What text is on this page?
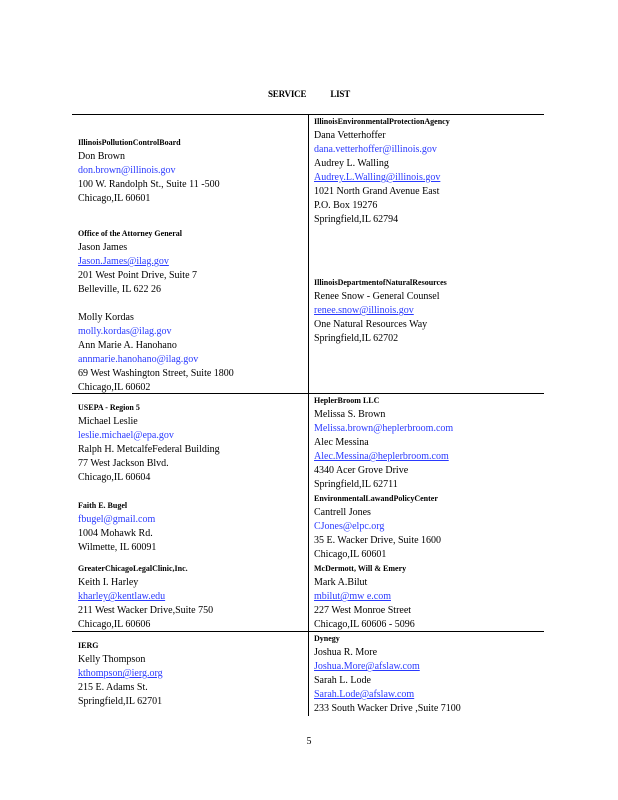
SERVICE LIST
IllinoisPollutionControlBoard
Don Brown
don.brown@illinois.gov
100 W. Randolph St., Suite 11 -500
Chicago,IL 60601
Office of the Attorney General
Jason James
Jason.James@ilag.gov
201 West Point Drive, Suite 7
Belleville, IL 622 26
Molly Kordas
molly.kordas@ilag.gov
Ann Marie A. Hanohano
annmarie.hanohano@ilag.gov
69 West Washington Street, Suite 1800
Chicago,IL 60602
USEPA - Region 5
Michael Leslie
leslie.michael@epa.gov
Ralph H. MetcalfeFederal Building
77 West Jackson Blvd.
Chicago,IL 60604
Faith E. Bugel
fbugel@gmail.com
1004 Mohawk Rd.
Wilmette, IL 60091
GreaterChicagoLegalClinic,Inc.
Keith I. Harley
kharley@kentlaw.edu
211 West Wacker Drive,Suite 750
Chicago,IL 60606
IERG
Kelly Thompson
kthompson@ierg.org
215 E. Adams St.
Springfield,IL 62701
IllinoisEnvironmentalProtectionAgency
Dana Vetterhoffer
dana.vetterhoffer@illinois.gov
Audrey L. Walling
Audrey.L.Walling@illinois.gov
1021 North Grand Avenue East
P.O. Box 19276
Springfield,IL 62794
IllinoisDepartmentofNaturalResources
Renee Snow - General Counsel
renee.snow@illinois.gov
One Natural Resources Way
Springfield,IL 62702
HeplerBroom LLC
Melissa S. Brown
Melissa.brown@heplerbroom.com
Alec Messina
Alec.Messina@heplerbroom.com
4340 Acer Grove Drive
Springfield,IL 62711
EnvironmentalLawandPolicyCenter
Cantrell Jones
CJones@elpc.org
35 E. Wacker Drive, Suite 1600
Chicago,IL 60601
McDermott, Will & Emery
Mark A.Bilut
mbilut@mw e.com
227 West Monroe Street
Chicago,IL 60606 - 5096
Dynegy
Joshua R. More
Joshua.More@afslaw.com
Sarah L. Lode
Sarah.Lode@afslaw.com
233 South Wacker Drive ,Suite 7100
5
